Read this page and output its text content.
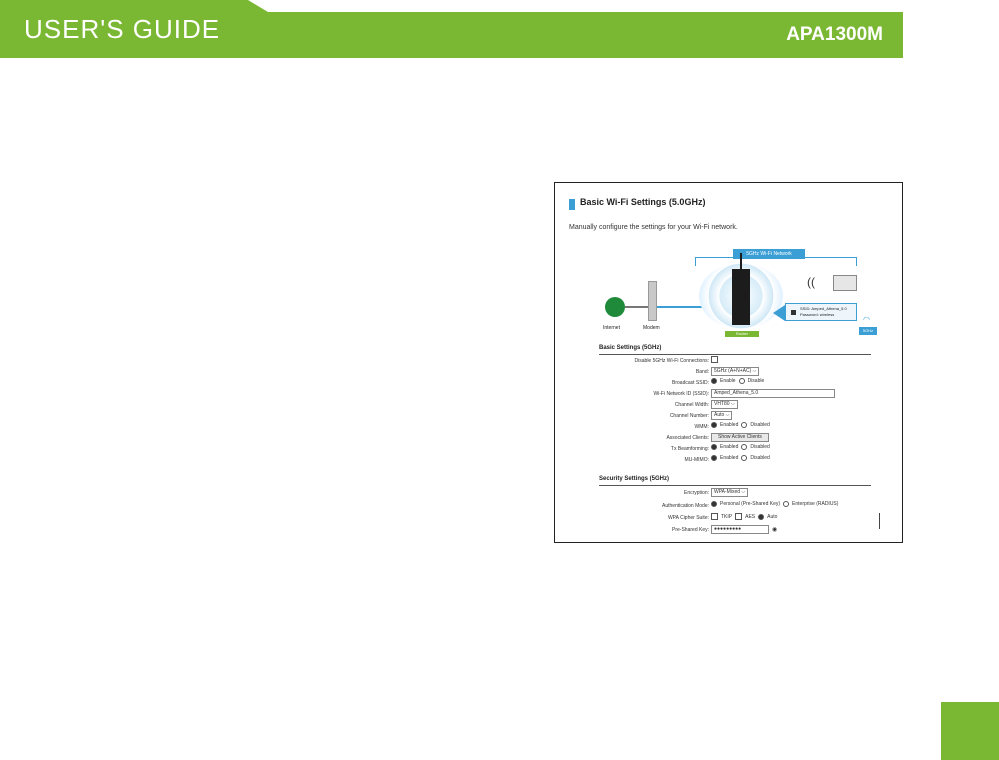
USER'S GUIDE	APA1300M
Basic Wi-Fi Settings (5.0GHz)
Manually configure the settings for your Wi-Fi network.
5GHz Wi-Fi Network
Internet	Modem
Router
((
SSID: Amped_Athena_5.0
Password: wireless
◠
5GHz
Basic Settings (5GHz)
Disable 5GHz Wi-Fi Connections:
Band:	5GHz (A+N+AC) ⌵
Broadcast SSID: Enable Disable
Wi-Fi Network ID (SSID):	Amped_Athena_5.0
Channel Width:	VHT80 ⌵
Channel Number:	Auto ⌵
WMM: Enabled Disabled
Associated Clients:	Show Active Clients
Tx Beamforming: Enabled Disabled
MU-MIMO: Enabled Disabled
Security Settings (5GHz)
Encryption:	WPA-Mixed ⌵
Authentication Mode: Personal (Pre-Shared Key) Enterprise (RADIUS)
WPA Cipher Suite: TKIP	AES Auto
Pre-Shared Key:	●●●●●●●●●	◉
